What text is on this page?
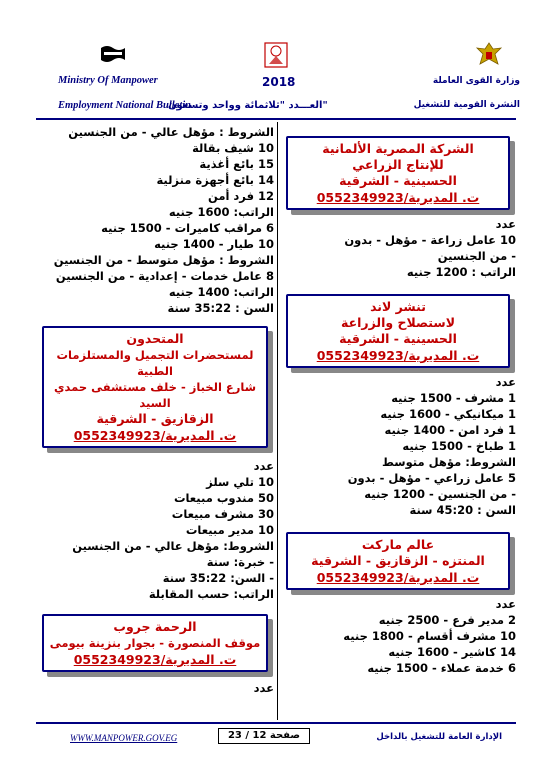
Ministry Of Manpower	2018	وزارة القوى العاملة
Employment National Bulletin
العـــدد "ثلاثمائة وواحد وتسعون"	النشرة القومية للتشغيل
الشروط : مؤهل عالي - من الجنسين
10 شيف بقالة
15 بائع أغذية
14 بائع أجهزة منزلية
12 فرد أمن
الراتب: 1600 جنيه
6 مراقب كاميرات - 1500 جنيه
10 طيار - 1400 جنيه
الشروط : مؤهل متوسط - من الجنسين
8 عامل خدمات - إعدادية - من الجنسين
الراتب: 1400 جنيه
السن : 35:22 سنة
المتحدون
لمستحضرات التجميل والمستلزمات الطبية
شارع الخباز - خلف مستشفى حمدي السيد
الزقازيق - الشرقية
ت. المديرية/0552349923
عدد
10 تلي سلز
50 مندوب مبيعات
30 مشرف مبيعات
10 مدير مبيعات
الشروط: مؤهل عالي - من الجنسين
- خبرة: سنة
- السن: 35:22 سنة
الراتب: حسب المقابلة
الرحمة جروب
موقف المنصورة - بجوار بنزينة بيومى
ت. المديرية/0552349923
عدد
الشركة المصرية الألمانية
للإنتاج الزراعي
الحسينية - الشرقية
ت. المديرية/0552349923
عدد
10 عامل زراعة - مؤهل - بدون
- من الجنسين
الراتب : 1200 جنيه
تنشر لاند
لاستصلاح والزراعة
الحسينية - الشرقية
ت. المديرية/0552349923
عدد
1 مشرف - 1500 جنيه
1 ميكانيكي - 1600 جنيه
1 فرد امن - 1400 جنيه
1 طباخ - 1500 جنيه
الشروط: مؤهل متوسط
5 عامل زراعي - مؤهل - بدون
- من الجنسين - 1200 جنيه
السن : 45:20 سنة
عالم ماركت
المنتزه - الزقازيق - الشرقية
ت. المديرية/0552349923
عدد
2 مدير فرع - 2500 جنيه
10 مشرف أقسام - 1800 جنيه
14 كاشير - 1600 جنيه
6 خدمة عملاء - 1500 جنيه
WWW.MANPOWER.GOV.EG	صفحة 12 / 23	الإدارة العامة للتشغيل بالداخل
